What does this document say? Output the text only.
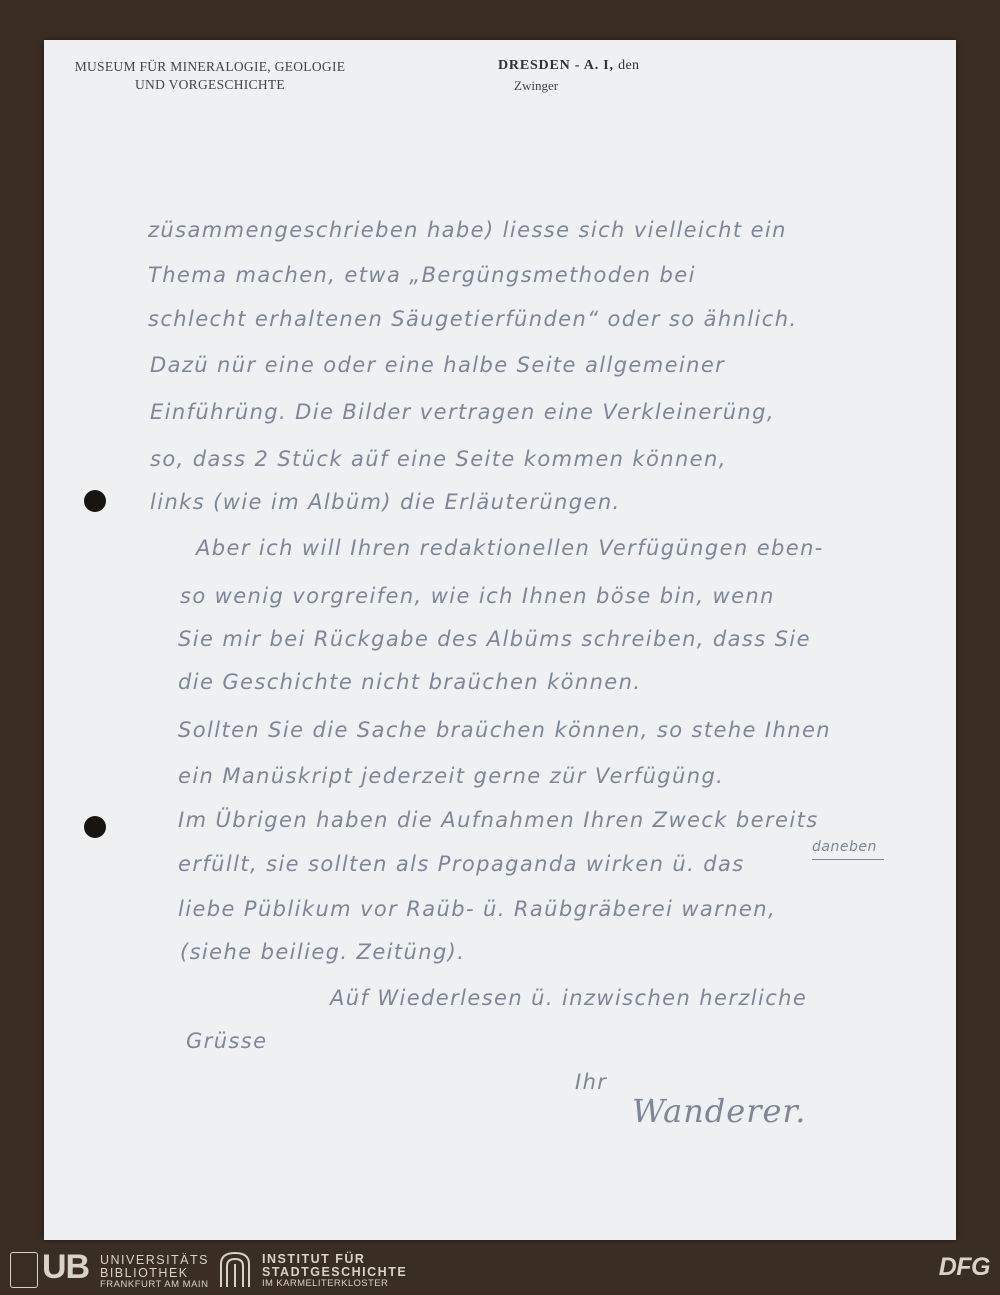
MUSEUM FÜR MINERALOGIE, GEOLOGIE
UND VORGESCHICHTE
DRESDEN - A. I, den
Zwinger
züsammengeschrieben habe) liesse sich vielleicht ein
Thema machen, etwa „Bergüngsmethoden bei
schlecht erhaltenen Säugetierfünden“ oder so ähnlich.
Dazü nür eine oder eine halbe Seite allgemeiner
Einführüng. Die Bilder vertragen eine Verkleinerüng,
so, dass 2 Stück aüf eine Seite kommen können,
links (wie im Albüm) die Erläuterüngen.
Aber ich will Ihren redaktionellen Verfügüngen eben-
so wenig vorgreifen, wie ich Ihnen böse bin, wenn
Sie mir bei Rückgabe des Albüms schreiben, dass Sie
die Geschichte nicht braüchen können.
Sollten Sie die Sache braüchen können, so stehe Ihnen
ein Manüskript jederzeit gerne zür Verfügüng.
Im Übrigen haben die Aufnahmen Ihren Zweck bereits
daneben
erfüllt, sie sollten als Propaganda wirken ü. das
liebe Püblikum vor Raüb- ü. Raübgräberei warnen,
(siehe beilieg. Zeitüng).
Aüf Wiederlesen ü. inzwischen herzliche
Grüsse
Ihr
Wanderer.
UB UNIVERSITÄTS
BIBLIOTHEK
FRANKFURT AM MAIN
INSTITUT FÜR
STADTGESCHICHTE
IM KARMELITERKLOSTER
DFG
